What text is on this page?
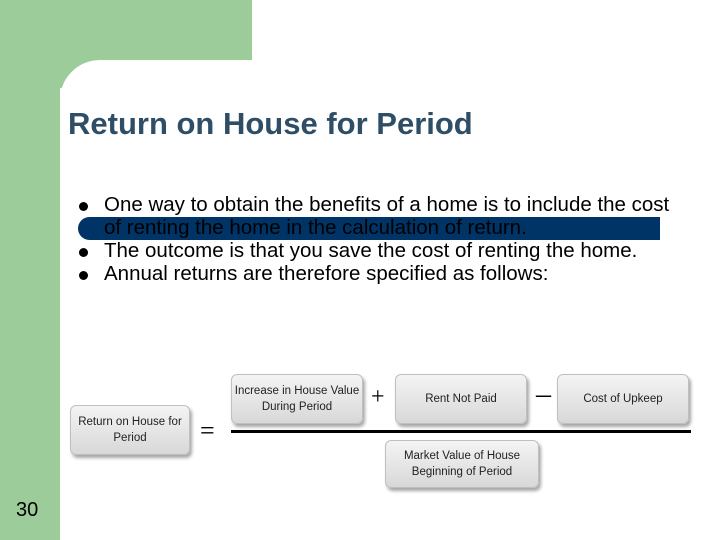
Return on House for Period
One way to obtain the benefits of a home is to include the cost of renting the home in the calculation of return.
The outcome is that you save the cost of renting the home.
Annual returns are therefore specified as follows:
Return on House for Period	=
Increase in House Value During Period	+	Rent Not Paid –	Cost of Upkeep
Market Value of House Beginning of Period
30
